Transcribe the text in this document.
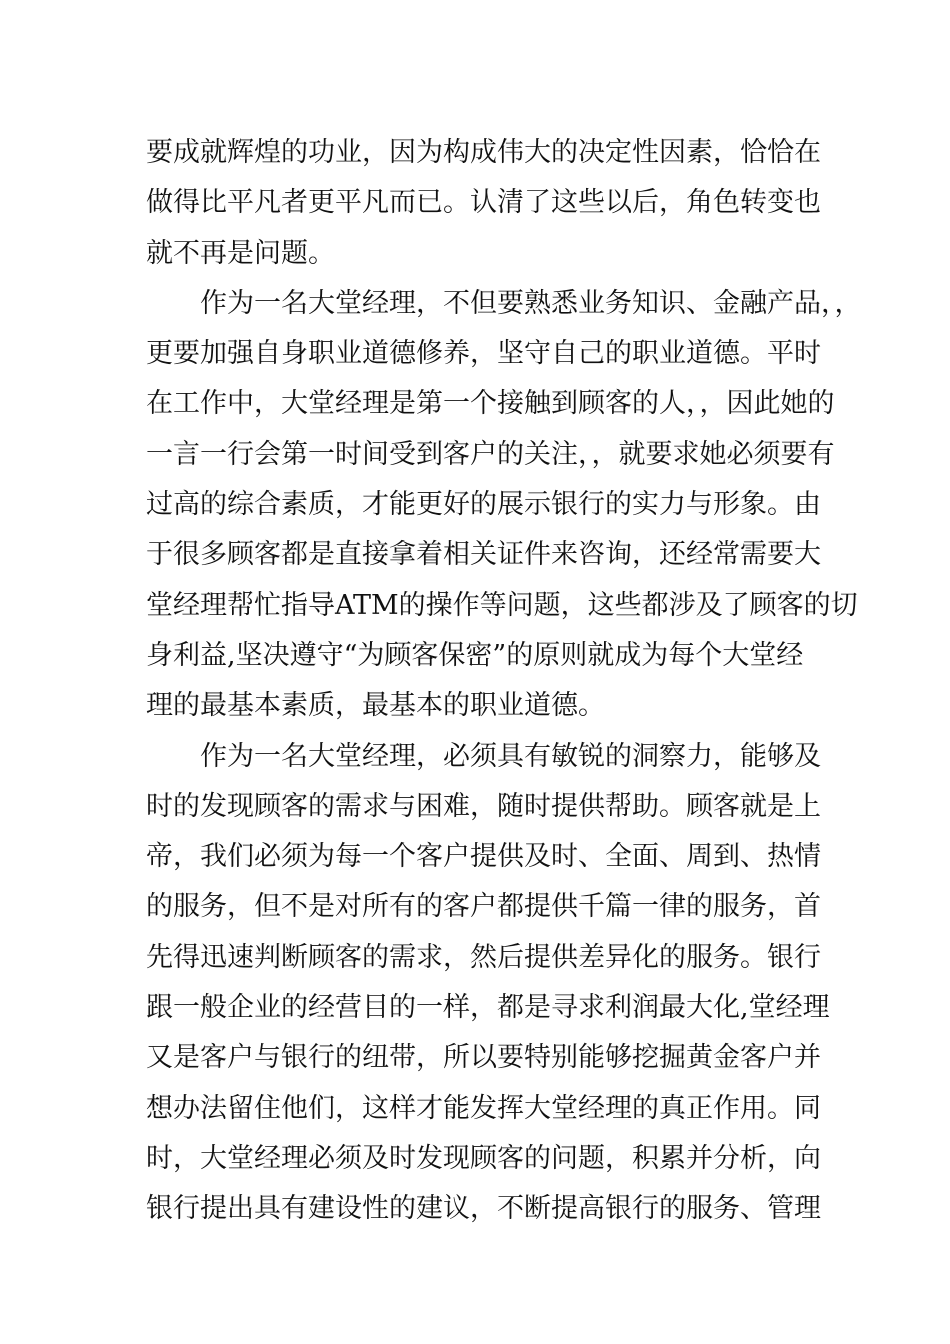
要成就辉煌的功业，因为构成伟大的决定性因素，恰恰在
做得比平凡者更平凡而已。认清了这些以后，角色转变也
就不再是问题。
　　作为一名大堂经理，不但要熟悉业务知识、金融产品，，
更要加强自身职业道德修养，坚守自己的职业道德。平时
在工作中，大堂经理是第一个接触到顾客的人，，因此她的
一言一行会第一时间受到客户的关注，，就要求她必须要有
过高的综合素质，才能更好的展示银行的实力与形象。由
于很多顾客都是直接拿着相关证件来咨询，还经常需要大
堂经理帮忙指导ATM的操作等问题，这些都涉及了顾客的切
身利益,坚决遵守“为顾客保密”的原则就成为每个大堂经
理的最基本素质，最基本的职业道德。
　　作为一名大堂经理，必须具有敏锐的洞察力，能够及
时的发现顾客的需求与困难，随时提供帮助。顾客就是上
帝，我们必须为每一个客户提供及时、全面、周到、热情
的服务，但不是对所有的客户都提供千篇一律的服务，首
先得迅速判断顾客的需求，然后提供差异化的服务。银行
跟一般企业的经营目的一样，都是寻求利润最大化,堂经理
又是客户与银行的纽带，所以要特别能够挖掘黄金客户并
想办法留住他们，这样才能发挥大堂经理的真正作用。同
时，大堂经理必须及时发现顾客的问题，积累并分析，向
银行提出具有建设性的建议，不断提高银行的服务、管理
